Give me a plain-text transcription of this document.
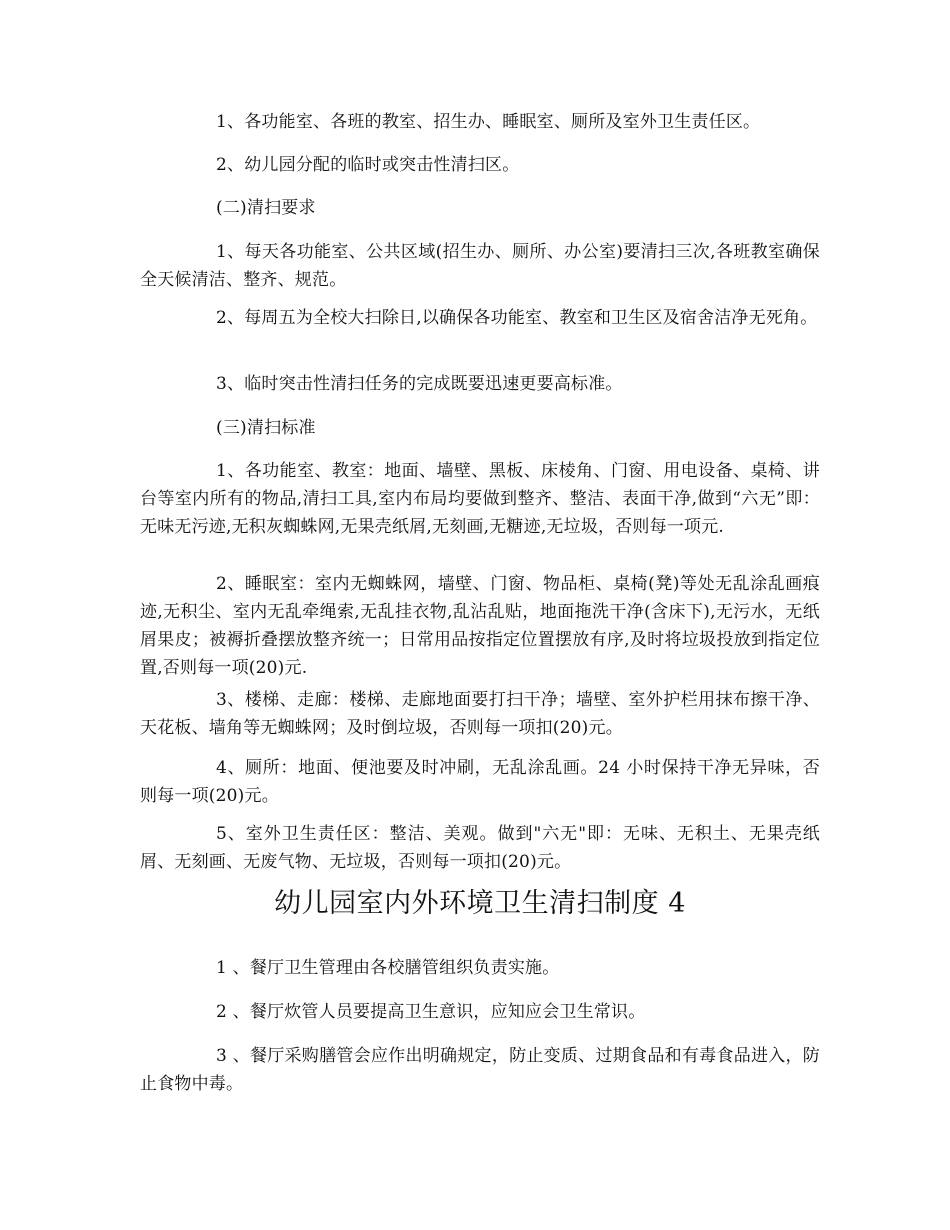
1、各功能室、各班的教室、招生办、睡眠室、厕所及室外卫生责任区。

2、幼儿园分配的临时或突击性清扫区。

(二)清扫要求

1、每天各功能室、公共区域(招生办、厕所、办公室)要清扫三次,各班教室确保全天候清洁、整齐、规范。

2、每周五为全校大扫除日,以确保各功能室、教室和卫生区及宿舍洁净无死角。

3、临时突击性清扫任务的完成既要迅速更要高标准。

(三)清扫标准

1、各功能室、教室：地面、墙壁、黑板、床棱角、门窗、用电设备、桌椅、讲台等室内所有的物品,清扫工具,室内布局均要做到整齐、整洁、表面干净,做到“六无”即：无味无污迹,无积灰蜘蛛网,无果壳纸屑,无刻画,无糖迹,无垃圾，否则每一项元.

2、睡眠室：室内无蜘蛛网，墙壁、门窗、物品柜、桌椅(凳)等处无乱涂乱画痕迹,无积尘、室内无乱牵绳索,无乱挂衣物,乱沾乱贴，地面拖洗干净(含床下),无污水，无纸屑果皮；被褥折叠摆放整齐统一；日常用品按指定位置摆放有序,及时将垃圾投放到指定位置,否则每一项(20)元.

3、楼梯、走廊：楼梯、走廊地面要打扫干净；墙壁、室外护栏用抹布擦干净、天花板、墙角等无蜘蛛网；及时倒垃圾，否则每一项扣(20)元。

4、厕所：地面、便池要及时冲刷，无乱涂乱画。24 小时保持干净无异味，否则每一项(20)元。

5、室外卫生责任区：整洁、美观。做到"六无"即：无味、无积土、无果壳纸屑、无刻画、无废气物、无垃圾，否则每一项扣(20)元。

幼儿园室内外环境卫生清扫制度 4

1 、餐厅卫生管理由各校膳管组织负责实施。

2 、餐厅炊管人员要提高卫生意识，应知应会卫生常识。

3 、餐厅采购膳管会应作出明确规定，防止变质、过期食品和有毒食品进入，防止食物中毒。
